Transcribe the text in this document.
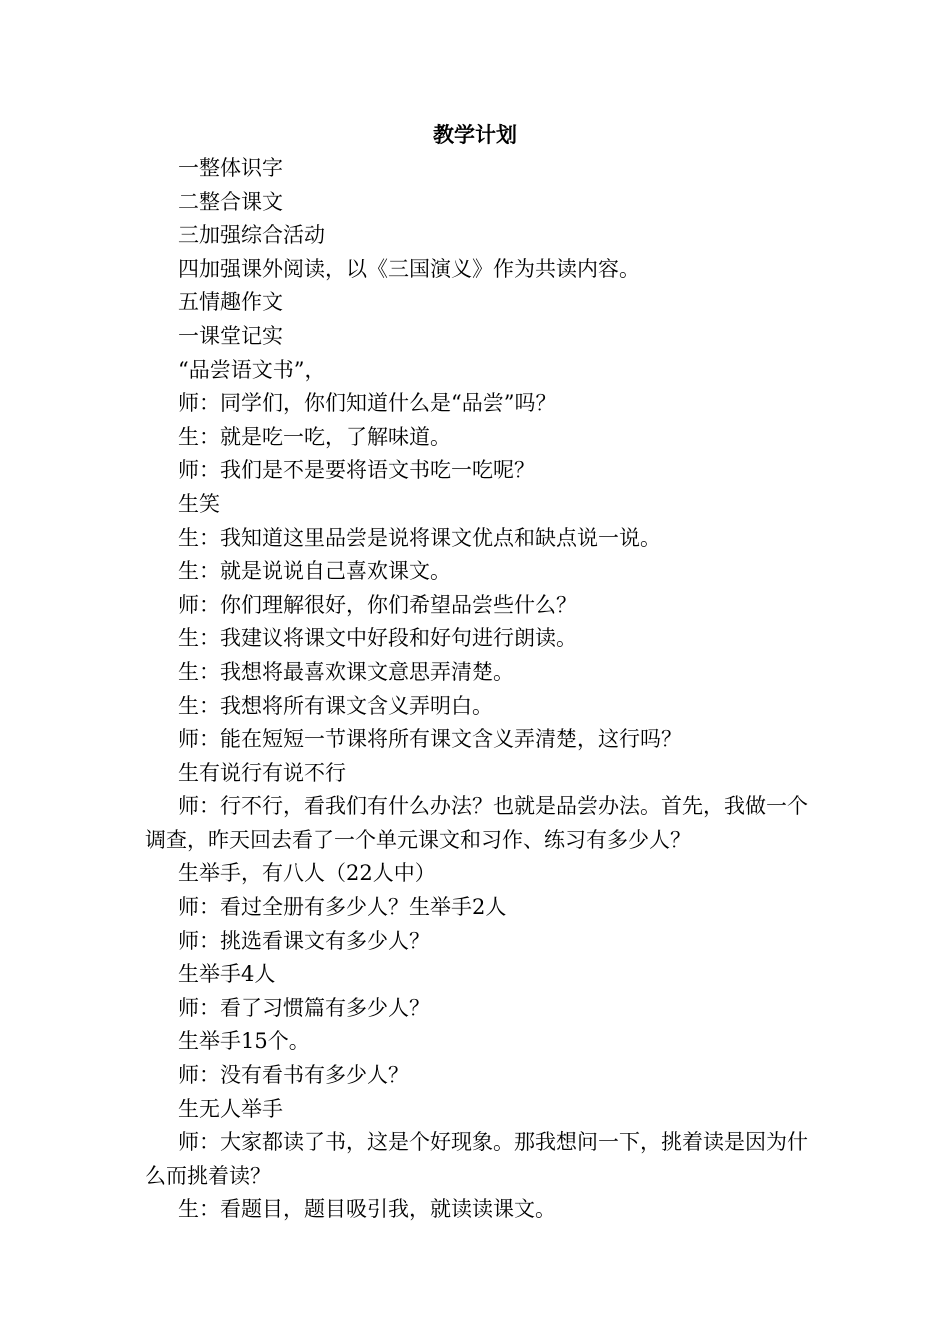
教学计划

一整体识字

二整合课文

三加强综合活动

四加强课外阅读，以《三国演义》作为共读内容。

五情趣作文

一课堂记实

“品尝语文书”，

师：同学们，你们知道什么是“品尝”吗？

生：就是吃一吃，了解味道。

师：我们是不是要将语文书吃一吃呢？

生笑

生：我知道这里品尝是说将课文优点和缺点说一说。

生：就是说说自己喜欢课文。

师：你们理解很好，你们希望品尝些什么？

生：我建议将课文中好段和好句进行朗读。

生：我想将最喜欢课文意思弄清楚。

生：我想将所有课文含义弄明白。

师：能在短短一节课将所有课文含义弄清楚，这行吗？

生有说行有说不行

师：行不行，看我们有什么办法？也就是品尝办法。首先，我做一个调查，昨天回去看了一个单元课文和习作、练习有多少人？

生举手，有八人（22人中）

师：看过全册有多少人？生举手2人

师：挑选看课文有多少人？

生举手4人

师：看了习惯篇有多少人？

生举手15个。

师：没有看书有多少人？

生无人举手

师：大家都读了书，这是个好现象。那我想问一下，挑着读是因为什么而挑着读？

生：看题目，题目吸引我，就读读课文。
